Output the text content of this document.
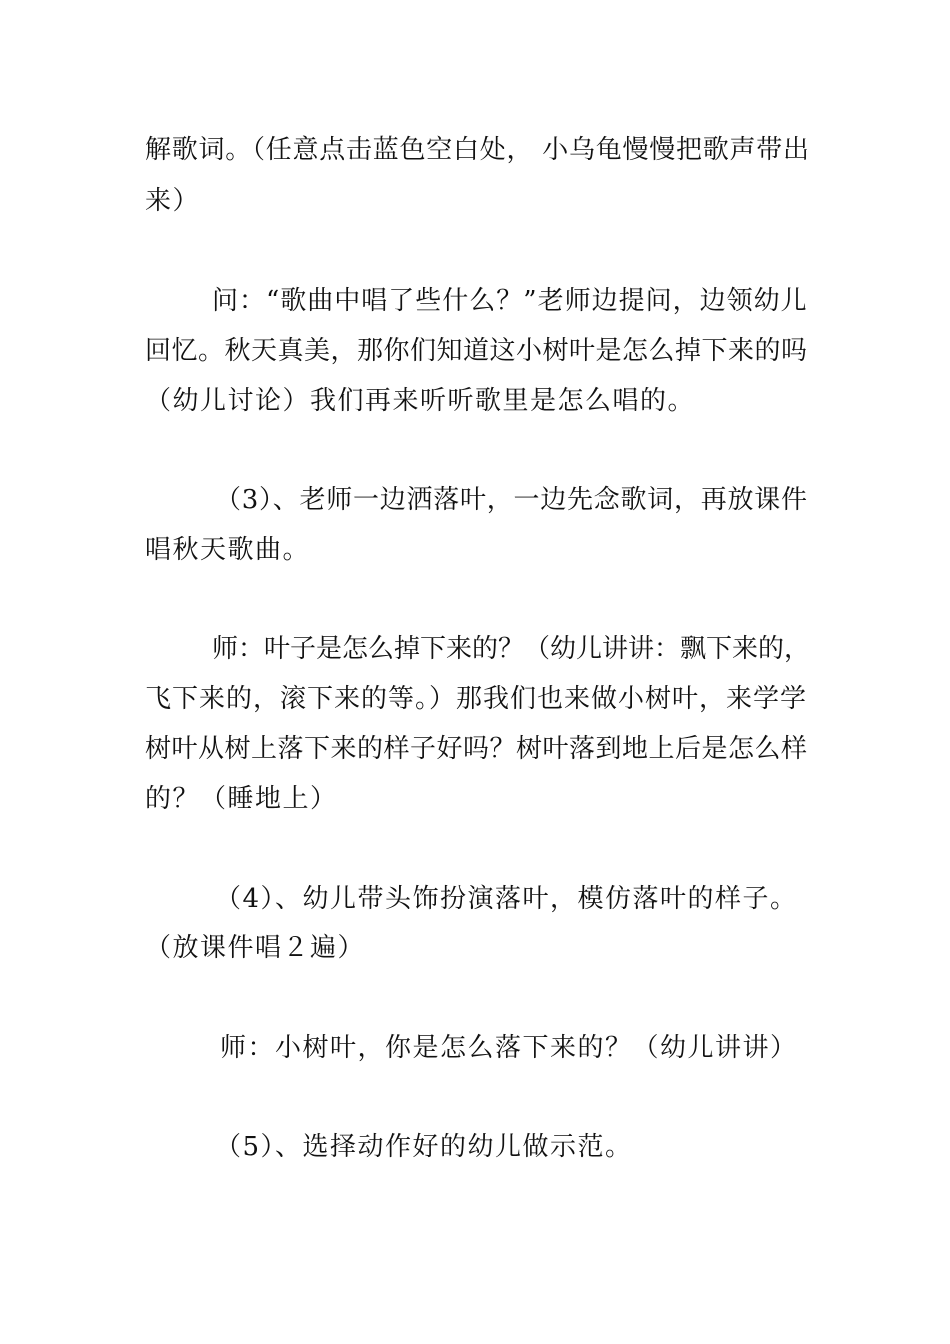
解歌词。（任意点击蓝色空白处， 小乌龟慢慢把歌声带出
来）
问：“歌曲中唱了些什么？”老师边提问，边领幼儿
回忆。秋天真美，那你们知道这小树叶是怎么掉下来的吗
（幼儿讨论）我们再来听听歌里是怎么唱的。
（3）、老师一边洒落叶，一边先念歌词，再放课件
唱秋天歌曲。
师：叶子是怎么掉下来的？（幼儿讲讲：飘下来的，
飞下来的，滚下来的等。）那我们也来做小树叶，来学学
树叶从树上落下来的样子好吗？树叶落到地上后是怎么样
的？（睡地上）
（4）、幼儿带头饰扮演落叶，模仿落叶的样子。
（放课件唱２遍）
师：小树叶，你是怎么落下来的？（幼儿讲讲）
（5）、选择动作好的幼儿做示范。
